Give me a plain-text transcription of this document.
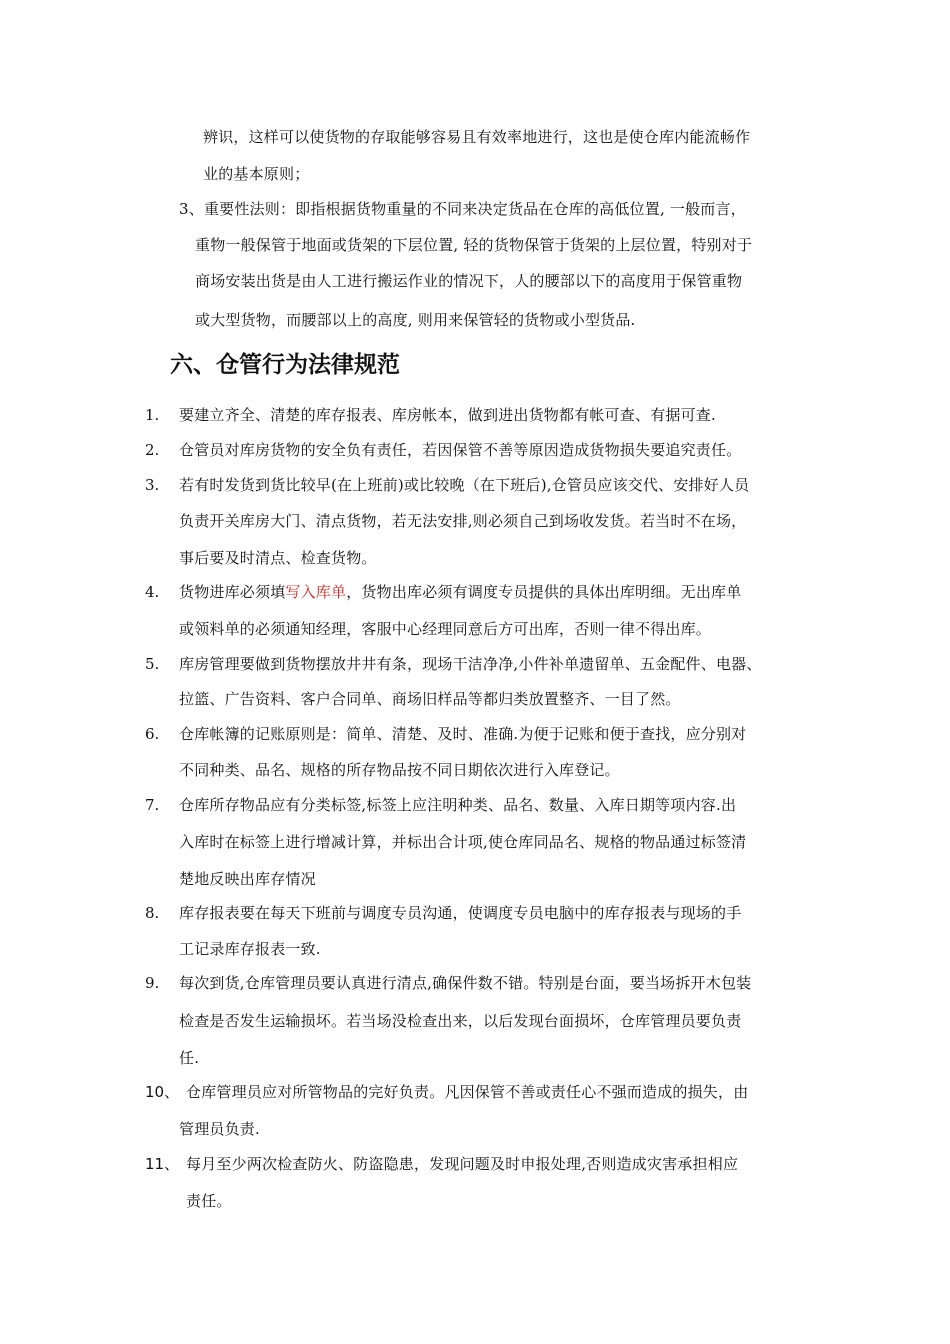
辨识，这样可以使货物的存取能够容易且有效率地进行，这也是使仓库内能流畅作
业的基本原则；
3、重要性法则：即指根据货物重量的不同来决定货品在仓库的高低位置, 一般而言，
重物一般保管于地面或货架的下层位置, 轻的货物保管于货架的上层位置，特别对于
商场安装出货是由人工进行搬运作业的情况下，人的腰部以下的高度用于保管重物
或大型货物，而腰部以上的高度, 则用来保管轻的货物或小型货品.
六、仓管行为法律规范
1. 要建立齐全、清楚的库存报表、库房帐本，做到进出货物都有帐可查、有据可查.
2. 仓管员对库房货物的安全负有责任，若因保管不善等原因造成货物损失要追究责任。
3. 若有时发货到货比较早(在上班前)或比较晚（在下班后),仓管员应该交代、安排好人员
负责开关库房大门、清点货物，若无法安排,则必须自己到场收发货。若当时不在场，
事后要及时清点、检查货物。
4. 货物进库必须填写入库单，货物出库必须有调度专员提供的具体出库明细。无出库单
或领料单的必须通知经理，客服中心经理同意后方可出库，否则一律不得出库。
5. 库房管理要做到货物摆放井井有条，现场干洁净净,小件补单遗留单、五金配件、电器、
拉篮、广告资料、客户合同单、商场旧样品等都归类放置整齐、一目了然。
6. 仓库帐簿的记账原则是：简单、清楚、及时、准确.为便于记账和便于查找，应分别对
不同种类、品名、规格的所存物品按不同日期依次进行入库登记。
7. 仓库所存物品应有分类标签,标签上应注明种类、品名、数量、入库日期等项内容.出
入库时在标签上进行增减计算，并标出合计项,使仓库同品名、规格的物品通过标签清
楚地反映出库存情况
8. 库存报表要在每天下班前与调度专员沟通，使调度专员电脑中的库存报表与现场的手
工记录库存报表一致.
9. 每次到货,仓库管理员要认真进行清点,确保件数不错。特别是台面，要当场拆开木包装
检查是否发生运输损坏。若当场没检查出来，以后发现台面损坏，仓库管理员要负责
任.
10、 仓库管理员应对所管物品的完好负责。凡因保管不善或责任心不强而造成的损失，由
管理员负责.
11、 每月至少两次检查防火、防盗隐患，发现问题及时申报处理,否则造成灾害承担相应
责任。
